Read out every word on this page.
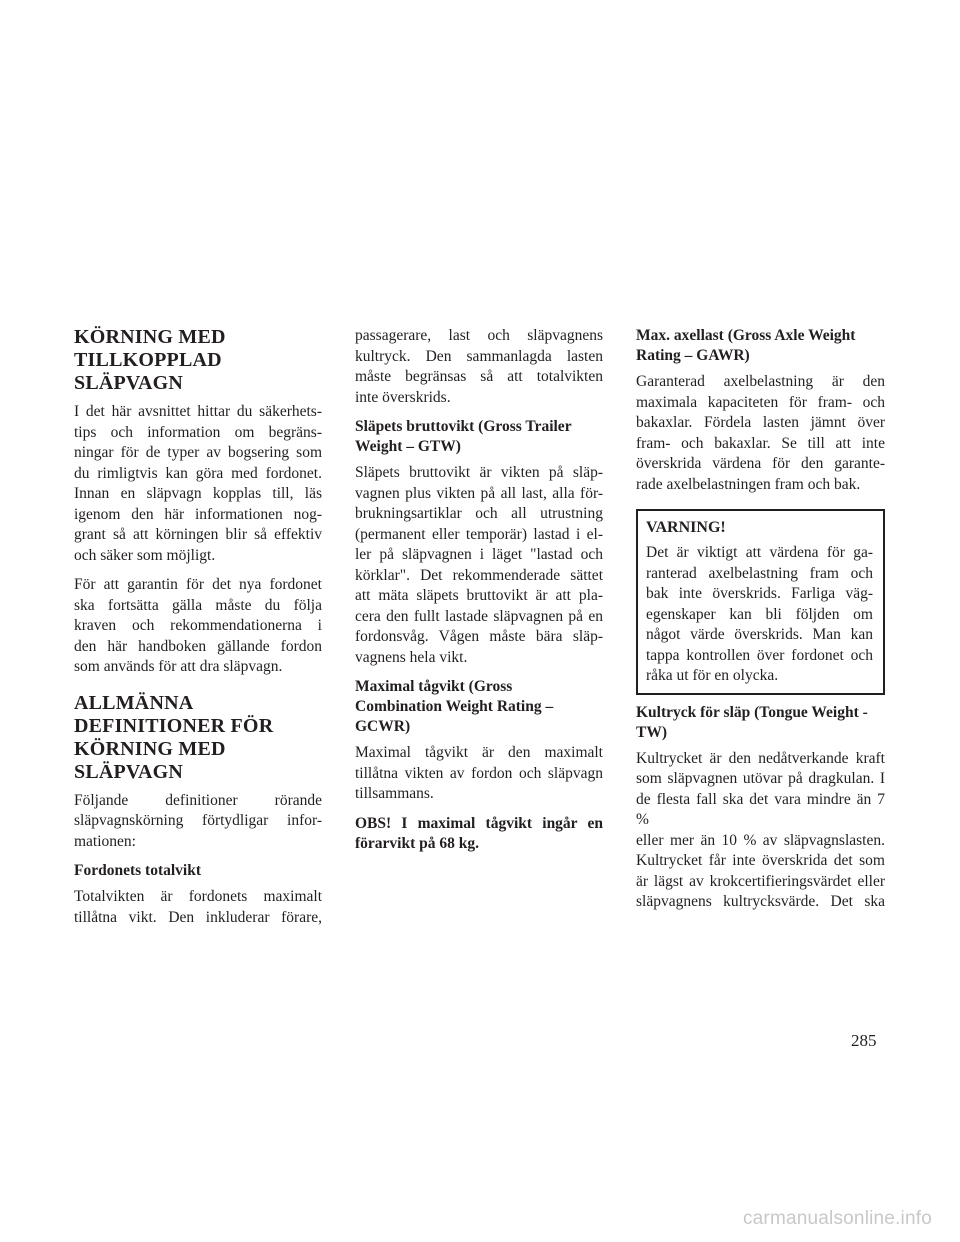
KÖRNING MED
TILLKOPPLAD
SLÄPVAGN

I det här avsnittet hittar du säkerhets-
tips och information om begräns-
ningar för de typer av bogsering som
du rimligtvis kan göra med fordonet.
Innan en släpvagn kopplas till, läs
igenom den här informationen nog-
grant så att körningen blir så effektiv
och säker som möjligt.

För att garantin för det nya fordonet
ska fortsätta gälla måste du följa
kraven och rekommendationerna i
den här handboken gällande fordon
som används för att dra släpvagn.

ALLMÄNNA
DEFINITIONER FÖR
KÖRNING MED SLÄPVAGN

Följande definitioner rörande
släpvagnskörning förtydligar infor-
mationen:

Fordonets totalvikt

Totalvikten är fordonets maximalt
tillåtna vikt. Den inkluderar förare,

passagerare, last och släpvagnens
kultryck. Den sammanlagda lasten
måste begränsas så att totalvikten
inte överskrids.

Släpets bruttovikt (Gross Trailer
Weight – GTW)

Släpets bruttovikt är vikten på släp-
vagnen plus vikten på all last, alla för-
brukningsartiklar och all utrustning
(permanent eller temporär) lastad i el-
ler på släpvagnen i läget "lastad och
körklar". Det rekommenderade sättet
att mäta släpets bruttovikt är att pla-
cera den fullt lastade släpvagnen på en
fordonsvåg. Vågen måste bära släp-
vagnens hela vikt.

Maximal tågvikt (Gross
Combination Weight Rating –
GCWR)

Maximal tågvikt är den maximalt
tillåtna vikten av fordon och släpvagn
tillsammans.

OBS! I maximal tågvikt ingår en
förarvikt på 68 kg.

Max. axellast (Gross Axle Weight
Rating – GAWR)

Garanterad axelbelastning är den
maximala kapaciteten för fram- och
bakaxlar. Fördela lasten jämnt över
fram- och bakaxlar. Se till att inte
överskrida värdena för den garante-
rade axelbelastningen fram och bak.

VARNING!

Det är viktigt att värdena för ga-
ranterad axelbelastning fram och
bak inte överskrids. Farliga väg-
egenskaper kan bli följden om
något värde överskrids. Man kan
tappa kontrollen över fordonet och
råka ut för en olycka.

Kultryck för släp (Tongue Weight -
TW)

Kultrycket är den nedåtverkande kraft
som släpvagnen utövar på dragkulan. I
de flesta fall ska det vara mindre än 7 %
eller mer än 10 % av släpvagnslasten.
Kultrycket får inte överskrida det som
är lägst av krokcertifieringsvärdet eller
släpvagnens kultrycksvärde. Det ska

285
carmanualsonline.info
